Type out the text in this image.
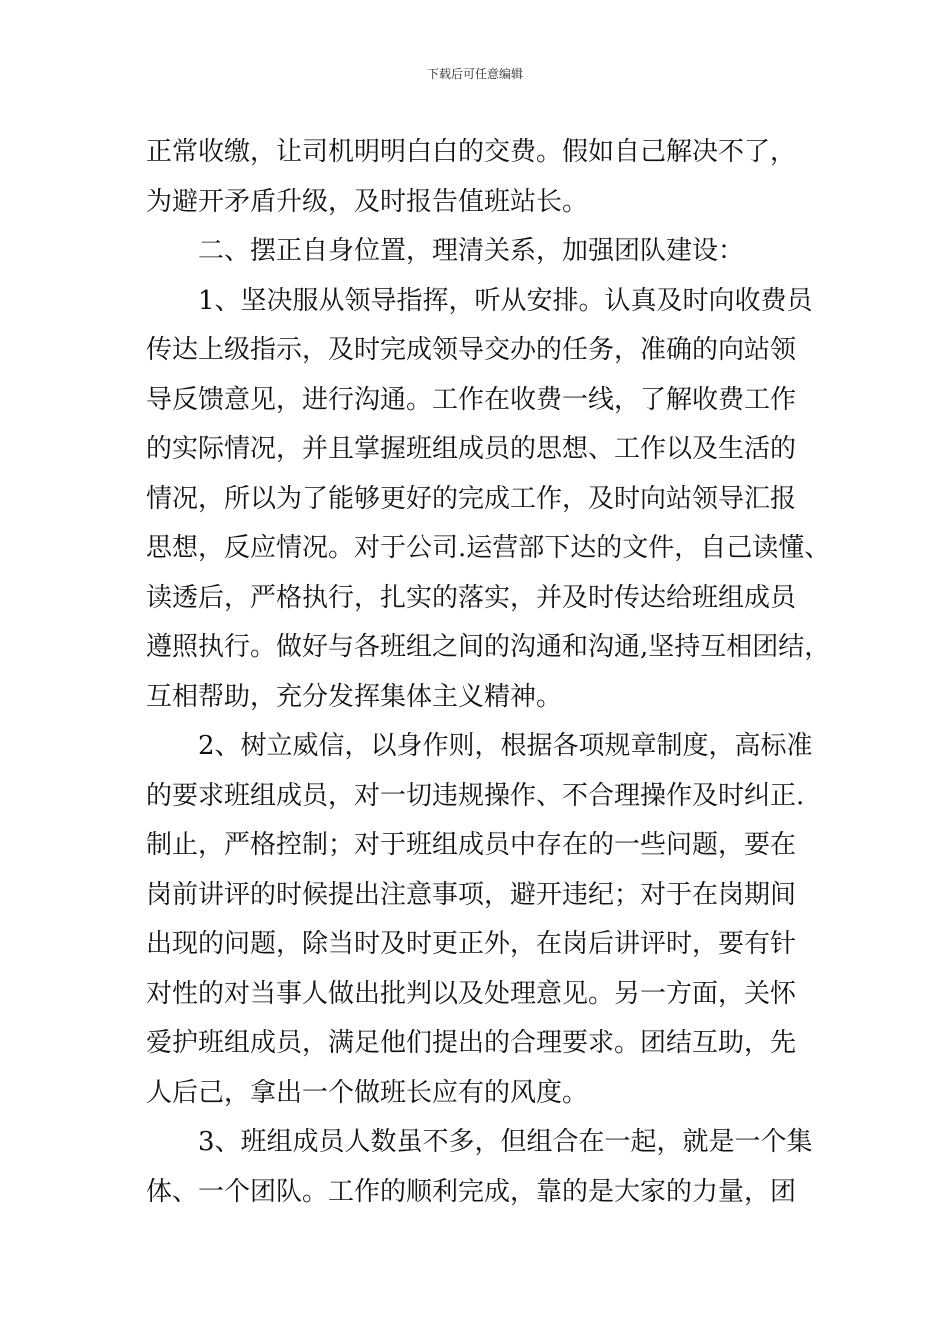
下载后可任意编辑
正常收缴，让司机明明白白的交费。假如自己解决不了，
为避开矛盾升级，及时报告值班站长。
二、摆正自身位置，理清关系，加强团队建设：
1、坚决服从领导指挥，听从安排。认真及时向收费员
传达上级指示，及时完成领导交办的任务，准确的向站领
导反馈意见，进行沟通。工作在收费一线，了解收费工作
的实际情况，并且掌握班组成员的思想、工作以及生活的
情况，所以为了能够更好的完成工作，及时向站领导汇报
思想，反应情况。对于公司.运营部下达的文件，自己读懂、
读透后，严格执行，扎实的落实，并及时传达给班组成员
遵照执行。做好与各班组之间的沟通和沟通,坚持互相团结，
互相帮助，充分发挥集体主义精神。
2、树立威信，以身作则，根据各项规章制度，高标准
的要求班组成员，对一切违规操作、不合理操作及时纠正.
制止，严格控制；对于班组成员中存在的一些问题，要在
岗前讲评的时候提出注意事项，避开违纪；对于在岗期间
出现的问题，除当时及时更正外，在岗后讲评时，要有针
对性的对当事人做出批判以及处理意见。另一方面，关怀
爱护班组成员，满足他们提出的合理要求。团结互助，先
人后己，拿出一个做班长应有的风度。
3、班组成员人数虽不多，但组合在一起，就是一个集
体、一个团队。工作的顺利完成，靠的是大家的力量，团
